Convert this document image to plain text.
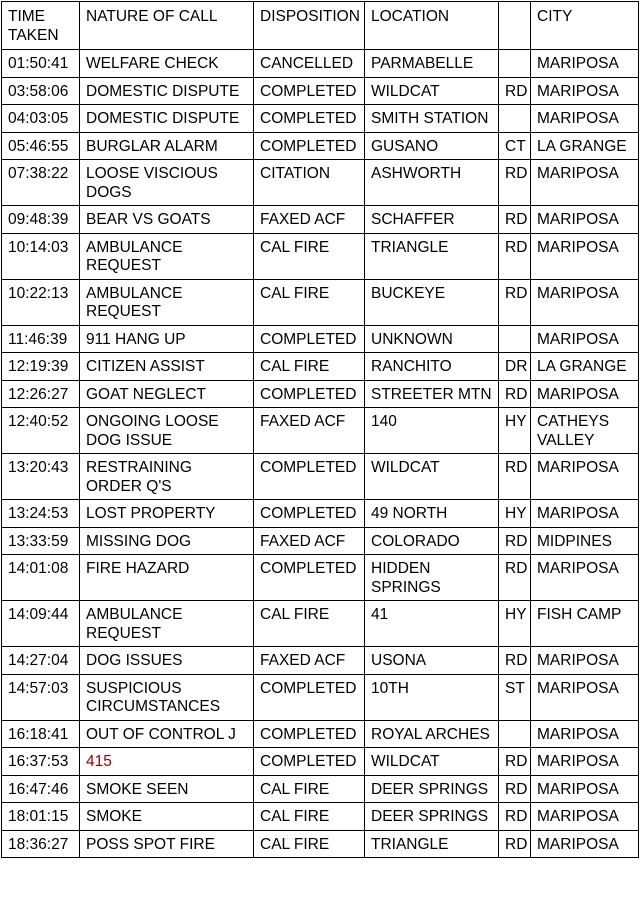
TIME TAKEN	NATURE OF CALL	DISPOSITION	LOCATION		CITY
01:50:41	WELFARE CHECK	CANCELLED	PARMABELLE		MARIPOSA
03:58:06	DOMESTIC DISPUTE	COMPLETED	WILDCAT	RD	MARIPOSA
04:03:05	DOMESTIC DISPUTE	COMPLETED	SMITH STATION		MARIPOSA
05:46:55	BURGLAR ALARM	COMPLETED	GUSANO	CT	LA GRANGE
07:38:22	LOOSE VISCIOUS DOGS	CITATION	ASHWORTH	RD	MARIPOSA
09:48:39	BEAR VS GOATS	FAXED ACF	SCHAFFER	RD	MARIPOSA
10:14:03	AMBULANCE REQUEST	CAL FIRE	TRIANGLE	RD	MARIPOSA
10:22:13	AMBULANCE REQUEST	CAL FIRE	BUCKEYE	RD	MARIPOSA
11:46:39	911 HANG UP	COMPLETED	UNKNOWN		MARIPOSA
12:19:39	CITIZEN ASSIST	CAL FIRE	RANCHITO	DR	LA GRANGE
12:26:27	GOAT NEGLECT	COMPLETED	STREETER MTN	RD	MARIPOSA
12:40:52	ONGOING LOOSE DOG ISSUE	FAXED ACF	140	HY	CATHEYS VALLEY
13:20:43	RESTRAINING ORDER Q'S	COMPLETED	WILDCAT	RD	MARIPOSA
13:24:53	LOST PROPERTY	COMPLETED	49 NORTH	HY	MARIPOSA
13:33:59	MISSING DOG	FAXED ACF	COLORADO	RD	MIDPINES
14:01:08	FIRE HAZARD	COMPLETED	HIDDEN SPRINGS	RD	MARIPOSA
14:09:44	AMBULANCE REQUEST	CAL FIRE	41	HY	FISH CAMP
14:27:04	DOG ISSUES	FAXED ACF	USONA	RD	MARIPOSA
14:57:03	SUSPICIOUS CIRCUMSTANCES	COMPLETED	10TH	ST	MARIPOSA
16:18:41	OUT OF CONTROL J	COMPLETED	ROYAL ARCHES		MARIPOSA
16:37:53	415	COMPLETED	WILDCAT	RD	MARIPOSA
16:47:46	SMOKE SEEN	CAL FIRE	DEER SPRINGS	RD	MARIPOSA
18:01:15	SMOKE	CAL FIRE	DEER SPRINGS	RD	MARIPOSA
18:36:27	POSS SPOT FIRE	CAL FIRE	TRIANGLE	RD	MARIPOSA
